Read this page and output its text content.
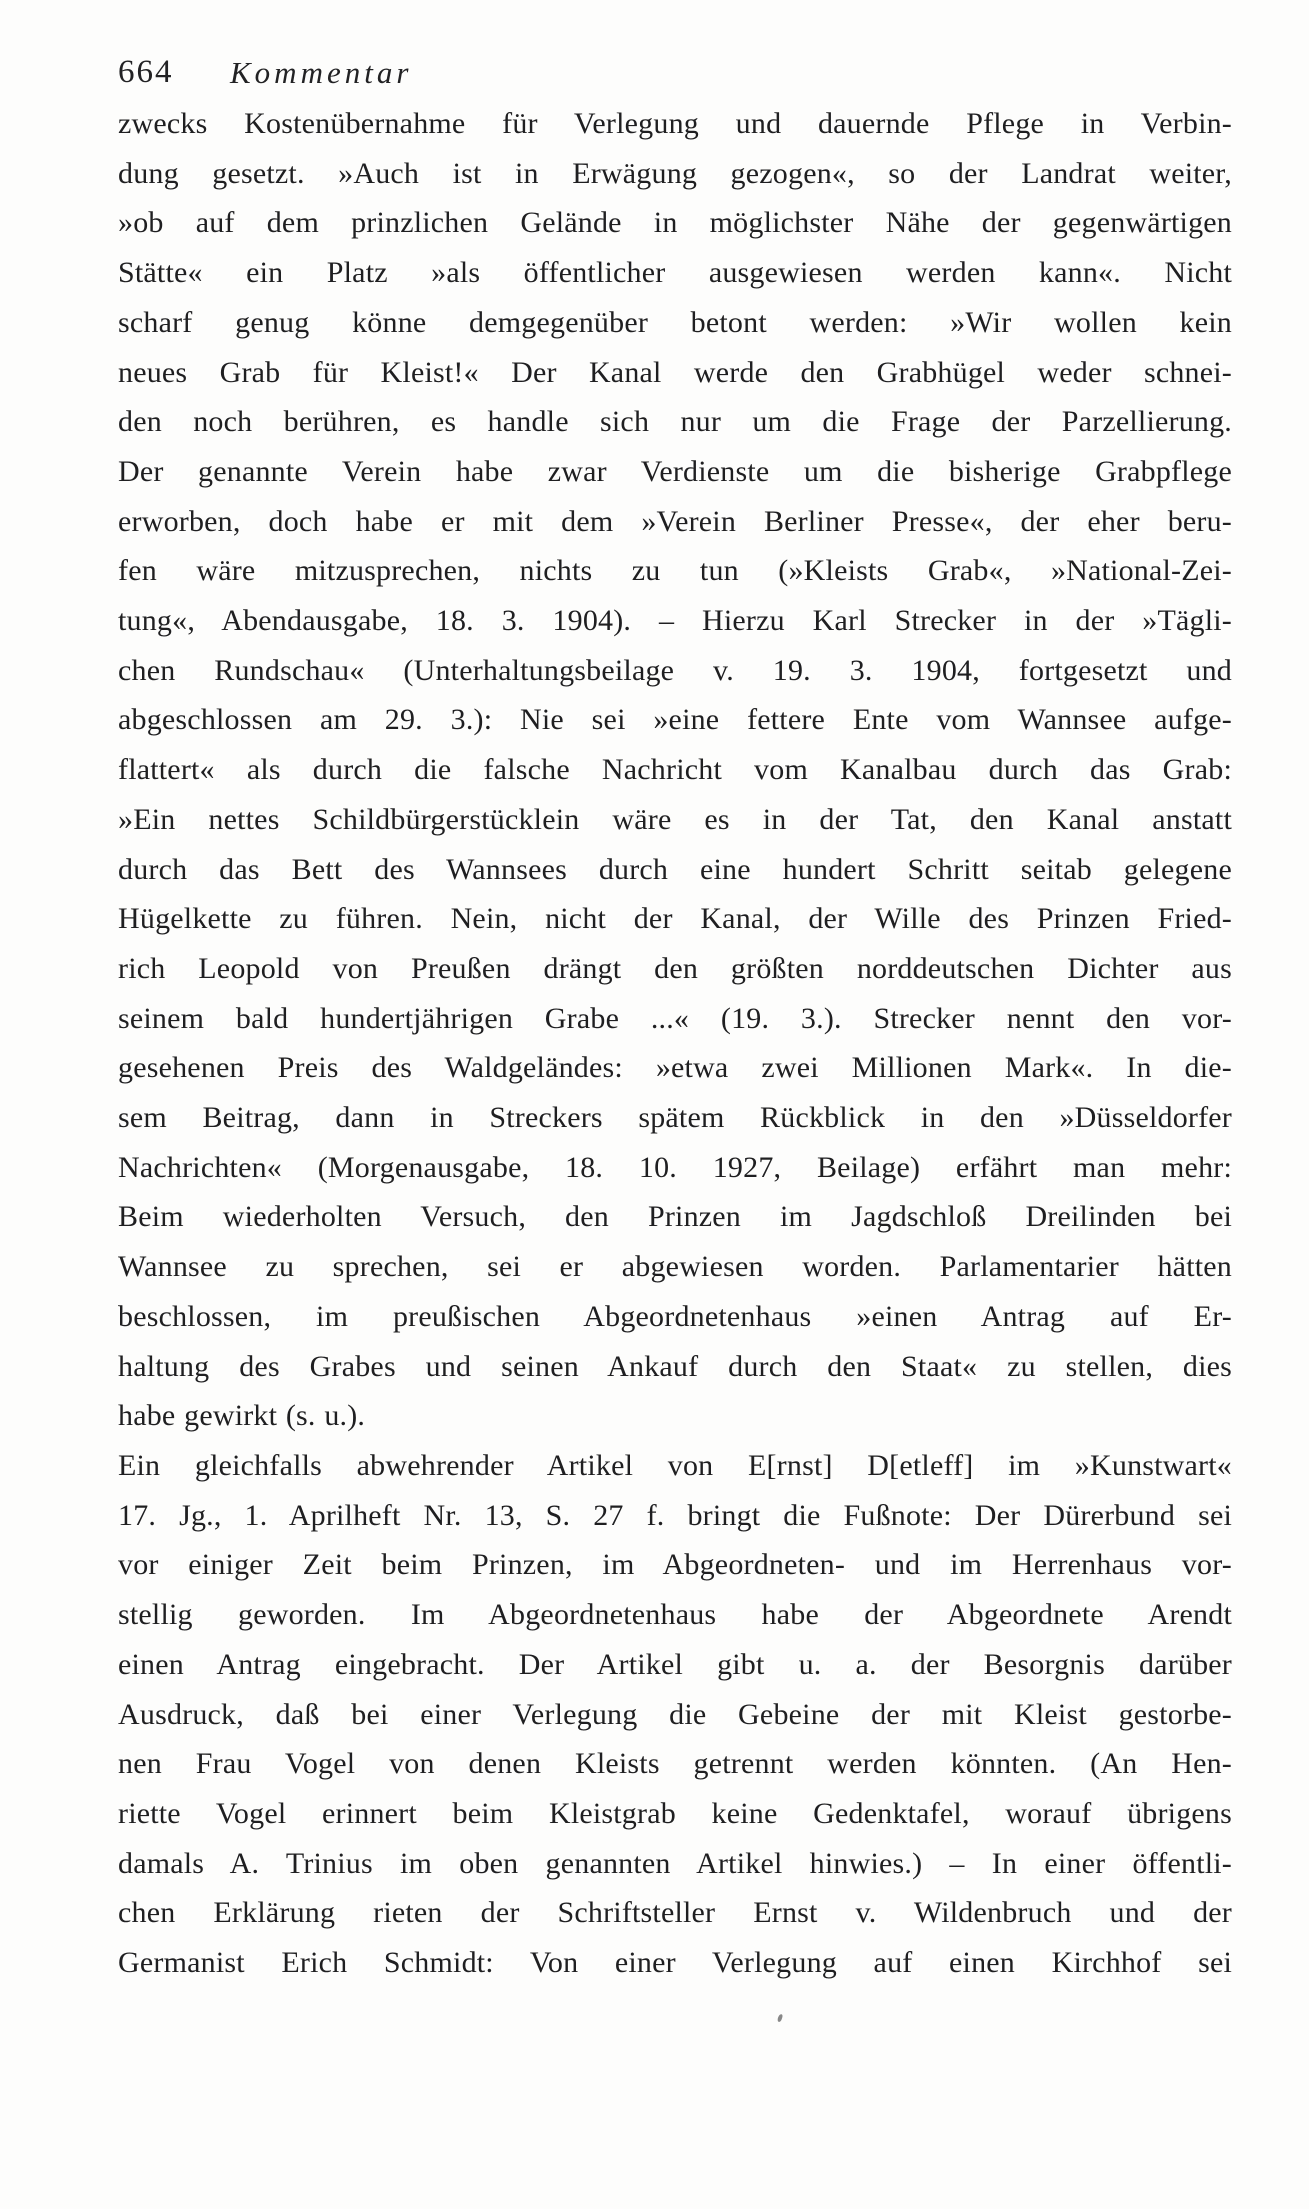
664 Kommentar
zwecks Kostenübernahme für Verlegung und dauernde Pflege in Verbin-
dung gesetzt. »Auch ist in Erwägung gezogen«, so der Landrat weiter,
»ob auf dem prinzlichen Gelände in möglichster Nähe der gegenwärtigen
Stätte« ein Platz »als öffentlicher ausgewiesen werden kann«. Nicht
scharf genug könne demgegenüber betont werden: »Wir wollen kein
neues Grab für Kleist!« Der Kanal werde den Grabhügel weder schnei-
den noch berühren, es handle sich nur um die Frage der Parzellierung.
Der genannte Verein habe zwar Verdienste um die bisherige Grabpflege
erworben, doch habe er mit dem »Verein Berliner Presse«, der eher beru-
fen wäre mitzusprechen, nichts zu tun (»Kleists Grab«, »National-Zei-
tung«, Abendausgabe, 18. 3. 1904). – Hierzu Karl Strecker in der »Tägli-
chen Rundschau« (Unterhaltungsbeilage v. 19. 3. 1904, fortgesetzt und
abgeschlossen am 29. 3.): Nie sei »eine fettere Ente vom Wannsee aufge-
flattert« als durch die falsche Nachricht vom Kanalbau durch das Grab:
»Ein nettes Schildbürgerstücklein wäre es in der Tat, den Kanal anstatt
durch das Bett des Wannsees durch eine hundert Schritt seitab gelegene
Hügelkette zu führen. Nein, nicht der Kanal, der Wille des Prinzen Fried-
rich Leopold von Preußen drängt den größten norddeutschen Dichter aus
seinem bald hundertjährigen Grabe ...« (19. 3.). Strecker nennt den vor-
gesehenen Preis des Waldgeländes: »etwa zwei Millionen Mark«. In die-
sem Beitrag, dann in Streckers spätem Rückblick in den »Düsseldorfer
Nachrichten« (Morgenausgabe, 18. 10. 1927, Beilage) erfährt man mehr:
Beim wiederholten Versuch, den Prinzen im Jagdschloß Dreilinden bei
Wannsee zu sprechen, sei er abgewiesen worden. Parlamentarier hätten
beschlossen, im preußischen Abgeordnetenhaus »einen Antrag auf Er-
haltung des Grabes und seinen Ankauf durch den Staat« zu stellen, dies
habe gewirkt (s. u.).
Ein gleichfalls abwehrender Artikel von E[rnst] D[etleff] im »Kunstwart«
17. Jg., 1. Aprilheft Nr. 13, S. 27 f. bringt die Fußnote: Der Dürerbund sei
vor einiger Zeit beim Prinzen, im Abgeordneten- und im Herrenhaus vor-
stellig geworden. Im Abgeordnetenhaus habe der Abgeordnete Arendt
einen Antrag eingebracht. Der Artikel gibt u. a. der Besorgnis darüber
Ausdruck, daß bei einer Verlegung die Gebeine der mit Kleist gestorbe-
nen Frau Vogel von denen Kleists getrennt werden könnten. (An Hen-
riette Vogel erinnert beim Kleistgrab keine Gedenktafel, worauf übrigens
damals A. Trinius im oben genannten Artikel hinwies.) – In einer öffentli-
chen Erklärung rieten der Schriftsteller Ernst v. Wildenbruch und der
Germanist Erich Schmidt: Von einer Verlegung auf einen Kirchhof sei
